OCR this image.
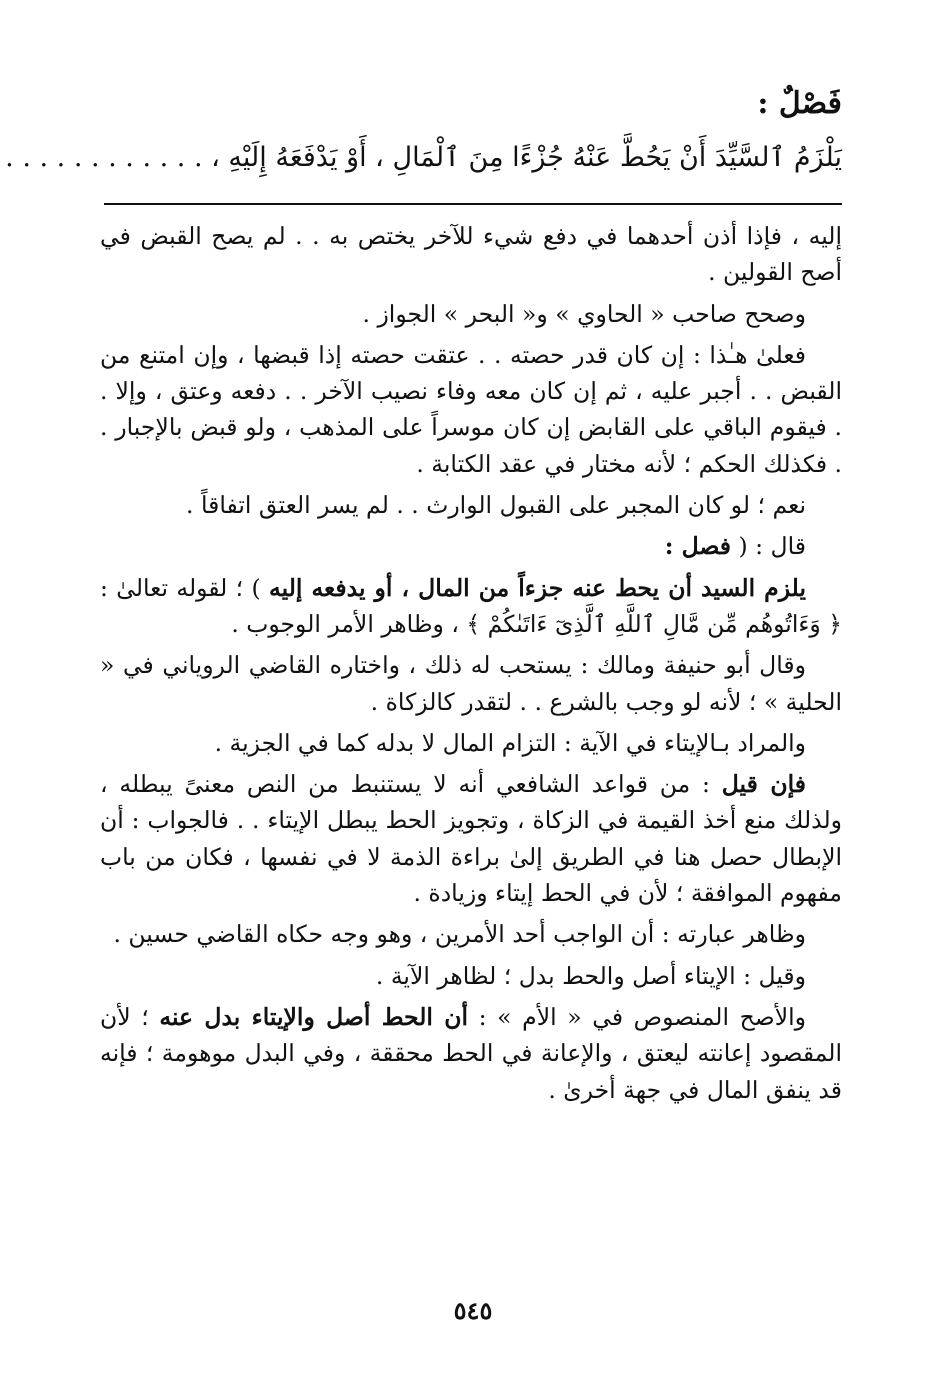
فَصْلٌ :
يَلْزَمُ ٱلسَّيِّدَ أَنْ يَحُطَّ عَنْهُ جُزْءًا مِنَ ٱلْمَالِ ، أَوْ يَدْفَعَهُ إِلَيْهِ ، . . . . . . . . . . . .

إليه ، فإذا أذن أحدهما في دفع شيء للآخر يختص به . . لم يصح القبض في أصح القولين .

وصحح صاحب « الحاوي » و« البحر » الجواز .

فعلىٰ هـٰذا : إن كان قدر حصته . . عتقت حصته إذا قبضها ، وإن امتنع من القبض . . أجبر عليه ، ثم إن كان معه وفاء نصيب الآخر . . دفعه وعتق ، وإلا . . فيقوم الباقي على القابض إن كان موسراً على المذهب ، ولو قبض بالإجبار . . فكذلك الحكم ؛ لأنه مختار في عقد الكتابة .

نعم ؛ لو كان المجبر على القبول الوارث . . لم يسر العتق اتفاقاً .

قال : ( فصل :

يلزم السيد أن يحط عنه جزءاً من المال ، أو يدفعه إليه ) ؛ لقوله تعالىٰ : ﴿ وَءَاتُوهُم مِّن مَّالِ ٱللَّهِ ٱلَّذِىٓ ءَاتَىٰكُمْ ﴾ ، وظاهر الأمر الوجوب .

وقال أبو حنيفة ومالك : يستحب له ذلك ، واختاره القاضي الروياني في « الحلية » ؛ لأنه لو وجب بالشرع . . لتقدر كالزكاة .

والمراد بـالإيتاء في الآية : التزام المال لا بدله كما في الجزية .

فإن قيل : من قواعد الشافعي أنه لا يستنبط من النص معنىً يبطله ، ولذلك منع أخذ القيمة في الزكاة ، وتجويز الحط يبطل الإيتاء . . فالجواب : أن الإبطال حصل هنا في الطريق إلىٰ براءة الذمة لا في نفسها ، فكان من باب مفهوم الموافقة ؛ لأن في الحط إيتاء وزيادة .

وظاهر عبارته : أن الواجب أحد الأمرين ، وهو وجه حكاه القاضي حسين .

وقيل : الإيتاء أصل والحط بدل ؛ لظاهر الآية .

والأصح المنصوص في « الأم » : أن الحط أصل والإيتاء بدل عنه ؛ لأن المقصود إعانته ليعتق ، والإعانة في الحط محققة ، وفي البدل موهومة ؛ فإنه قد ينفق المال في جهة أخرىٰ .

٥٤٥
